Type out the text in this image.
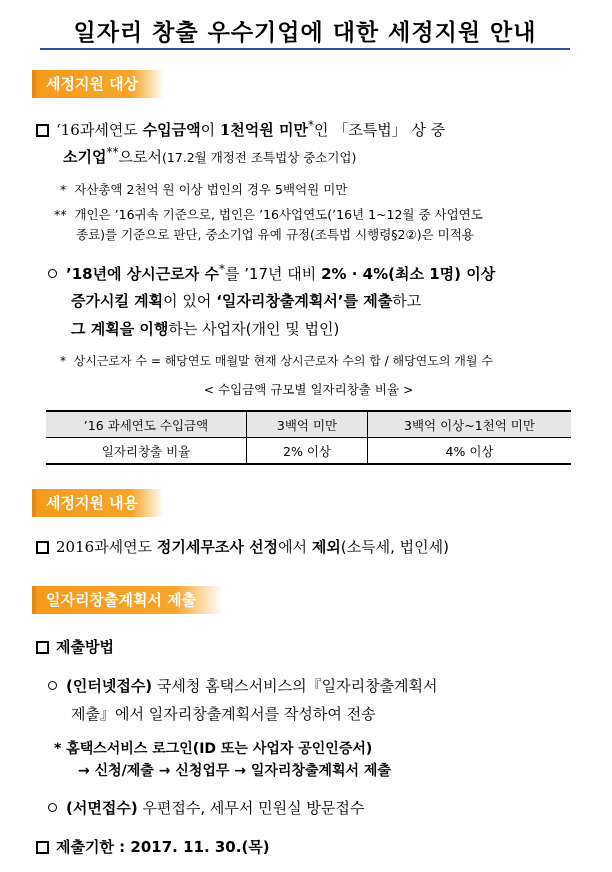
일자리 창출 우수기업에 대한 세정지원 안내
세정지원 대상
‘16과세연도 수입금액이 1천억원 미만*인 「조특법」 상 중
소기업**으로서(17.2월 개정전 조특법상 중소기업)
* 자산총액 2천억 원 이상 법인의 경우 5백억원 미만
** 개인은 ’16귀속 기준으로, 법인은 ’16사업연도(’16년 1~12월 중 사업연도
종료)를 기준으로 판단, 중소기업 유예 규정(조특법 시행령§2②)은 미적용
’18년에 상시근로자 수*를 ’17년 대비 2% · 4%(최소 1명) 이상
증가시킬 계획이 있어 ‘일자리창출계획서’를 제출하고
그 계획을 이행하는 사업자(개인 및 법인)
* 상시근로자 수 = 해당연도 매월말 현재 상시근로자 수의 합 / 해당연도의 개월 수
< 수입금액 규모별 일자리창출 비율 >
’16 과세연도 수입금액	3백억 미만	3백억 이상~1천억 미만
일자리창출 비율	2% 이상	4% 이상
세정지원 내용
2016과세연도 정기세무조사 선정에서 제외(소득세, 법인세)
일자리창출계획서 제출
제출방법
(인터넷접수) 국세청 홈택스서비스의『일자리창출계획서
제출』에서 일자리창출계획서를 작성하여 전송
* 홈택스서비스 로그인(ID 또는 사업자 공인인증서)
→ 신청/제출 → 신청업무 → 일자리창출계획서 제출
(서면접수) 우편접수, 세무서 민원실 방문접수
제출기한 : 2017. 11. 30.(목)
